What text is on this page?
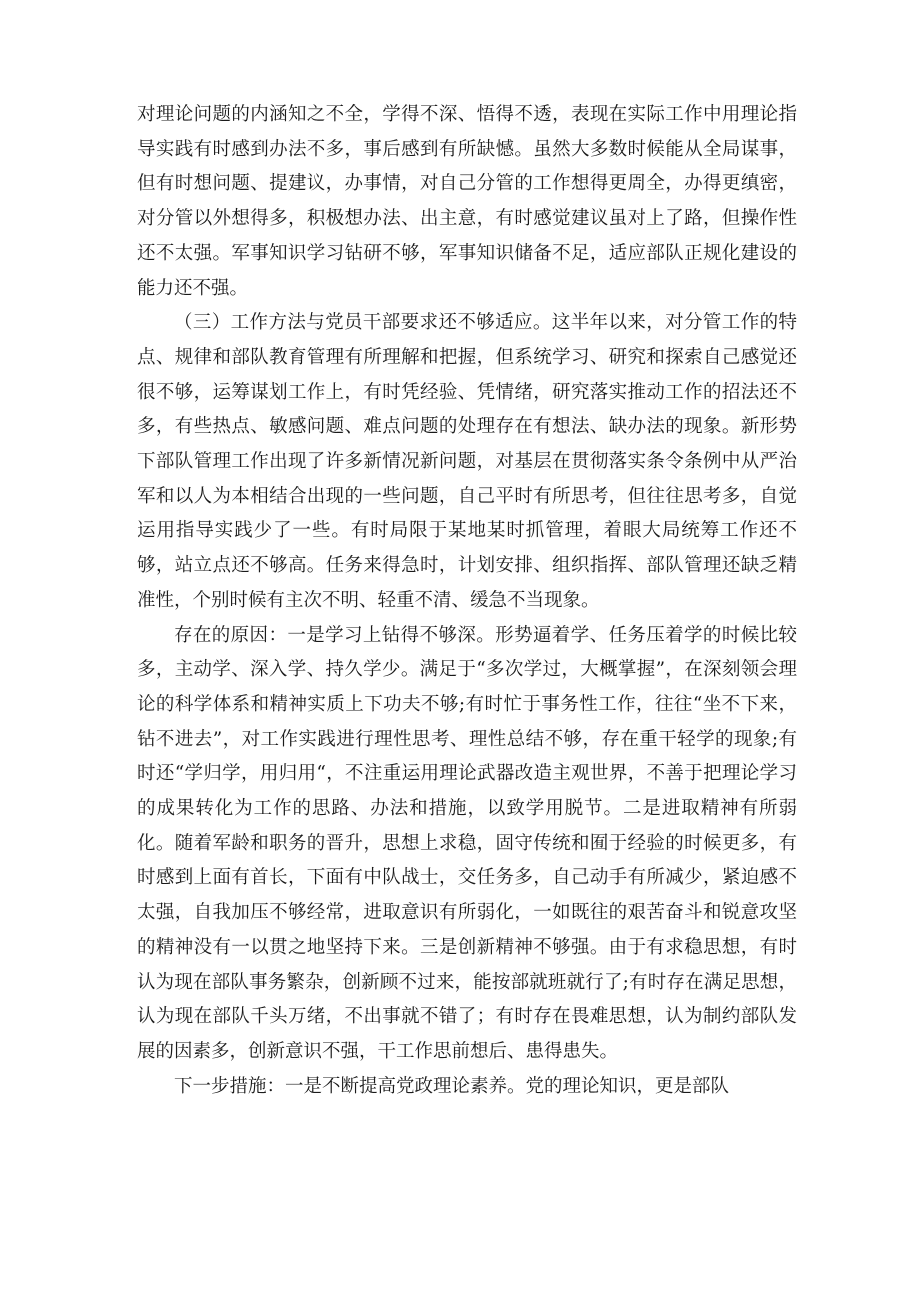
对理论问题的内涵知之不全，学得不深、悟得不透，表现在实际工作中用理论指导实践有时感到办法不多，事后感到有所缺憾。虽然大多数时候能从全局谋事，但有时想问题、提建议，办事情，对自己分管的工作想得更周全，办得更缜密，对分管以外想得多，积极想办法、出主意，有时感觉建议虽对上了路，但操作性还不太强。军事知识学习钻研不够，军事知识储备不足，适应部队正规化建设的能力还不强。

（三）工作方法与党员干部要求还不够适应。这半年以来，对分管工作的特点、规律和部队教育管理有所理解和把握，但系统学习、研究和探索自己感觉还很不够，运筹谋划工作上，有时凭经验、凭情绪，研究落实推动工作的招法还不多，有些热点、敏感问题、难点问题的处理存在有想法、缺办法的现象。新形势下部队管理工作出现了许多新情况新问题，对基层在贯彻落实条令条例中从严治军和以人为本相结合出现的一些问题，自己平时有所思考，但往往思考多，自觉运用指导实践少了一些。有时局限于某地某时抓管理，着眼大局统筹工作还不够，站立点还不够高。任务来得急时，计划安排、组织指挥、部队管理还缺乏精准性，个别时候有主次不明、轻重不清、缓急不当现象。

存在的原因：一是学习上钻得不够深。形势逼着学、任务压着学的时候比较多，主动学、深入学、持久学少。满足于“多次学过，大概掌握”，在深刻领会理论的科学体系和精神实质上下功夫不够;有时忙于事务性工作，往往“坐不下来，钻不进去”，对工作实践进行理性思考、理性总结不够，存在重干轻学的现象;有时还“学归学，用归用“，不注重运用理论武器改造主观世界，不善于把理论学习的成果转化为工作的思路、办法和措施，以致学用脱节。二是进取精神有所弱化。随着军龄和职务的晋升，思想上求稳，固守传统和囿于经验的时候更多，有时感到上面有首长，下面有中队战士，交任务多，自己动手有所减少，紧迫感不太强，自我加压不够经常，进取意识有所弱化，一如既往的艰苦奋斗和锐意攻坚的精神没有一以贯之地坚持下来。三是创新精神不够强。由于有求稳思想，有时认为现在部队事务繁杂，创新顾不过来，能按部就班就行了;有时存在满足思想，认为现在部队千头万绪，不出事就不错了；有时存在畏难思想，认为制约部队发展的因素多，创新意识不强，干工作思前想后、患得患失。

下一步措施：一是不断提高党政理论素养。党的理论知识，更是部队
